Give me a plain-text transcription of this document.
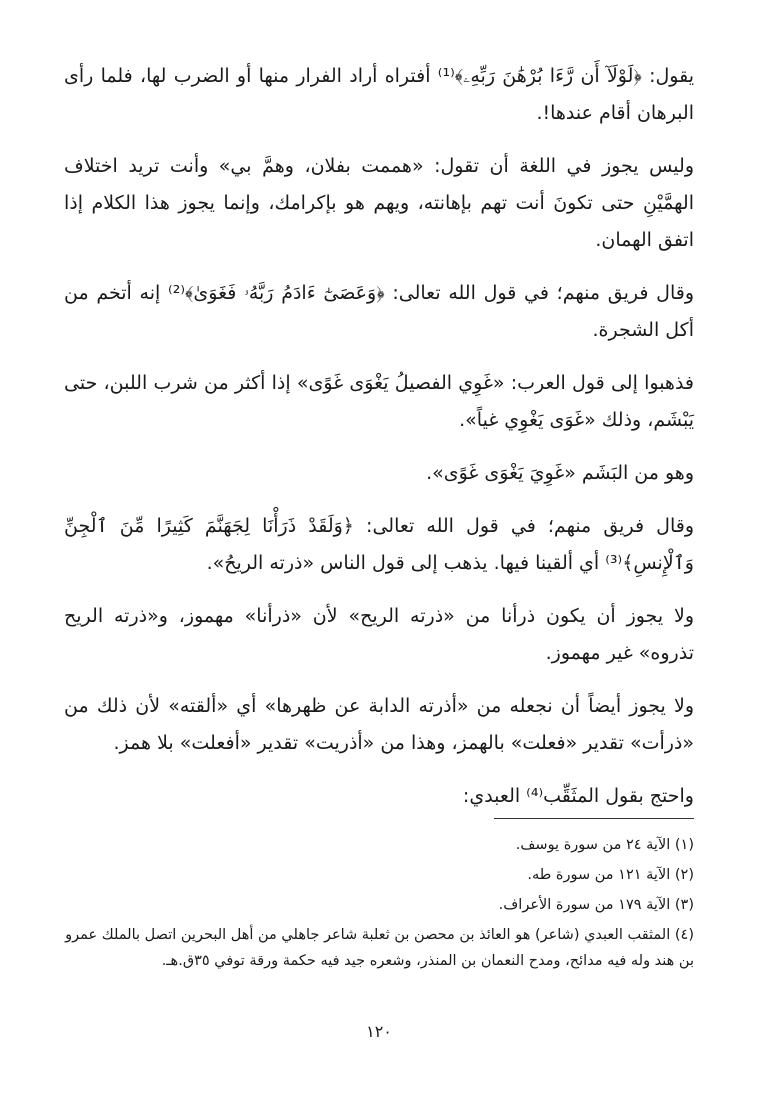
يقول: ﴿لَوْلَآ أَن رَّءَا بُرْهَٰنَ رَبِّهِۦ﴾⁽¹⁾ أفتراه أراد الفرار منها أو الضرب لها، فلما رأى البرهان أقام عندها!.

وليس يجوز في اللغة أن تقول: «هممت بفلان، وهمَّ بي» وأنت تريد اختلاف الهمَّيْنِ حتى تكونَ أنت تهم بإهانته، ويهم هو بإكرامك، وإنما يجوز هذا الكلام إذا اتفق الهمان.

وقال فريق منهم؛ في قول الله تعالى: ﴿وَعَصَىٰٓ ءَادَمُ رَبَّهُۥ فَغَوَىٰ﴾⁽²⁾ إنه أتخم من أكل الشجرة.

فذهبوا إلى قول العرب: «غَوِي الفصيلُ يَغْوَى غَوًى» إذا أكثر من شرب اللبن، حتى يَبْشَم، وذلك «غَوَى يَغْوِي غياً».

وهو من البَشَم «غَوِيَ يَغْوَى غَوًى».

وقال فريق منهم؛ في قول الله تعالى: ﴿وَلَقَدْ ذَرَأْنَا لِجَهَنَّمَ كَثِيرًا مِّنَ ٱلْجِنِّ وَٱلْإِنسِ﴾⁽³⁾ أي ألقينا فيها. يذهب إلى قول الناس «ذرته الريحُ».

ولا يجوز أن يكون ذرأنا من «ذرته الريح» لأن «ذرأنا» مهموز، و«ذرته الريح تذروه» غير مهموز.

ولا يجوز أيضاً أن نجعله من «أذرته الدابة عن ظهرها» أي «ألقته» لأن ذلك من «ذرأت» تقدير «فعلت» بالهمز، وهذا من «أذريت» تقدير «أفعلت» بلا همز.

واحتج بقول المثَقِّب⁽⁴⁾ العبدي:

(١) الآية ٢٤ من سورة يوسف.

(٢) الآية ١٢١ من سورة طه.

(٣) الآية ١٧٩ من سورة الأعراف.

(٤) المثقب العبدي (شاعر) هو العائذ بن محصن بن ثعلبة شاعر جاهلي من أهل البحرين اتصل بالملك عمرو بن هند وله فيه مدائح، ومدح النعمان بن المنذر، وشعره جيد فيه حكمة ورقة توفي ٣٥ق.هـ.

١٢٠
